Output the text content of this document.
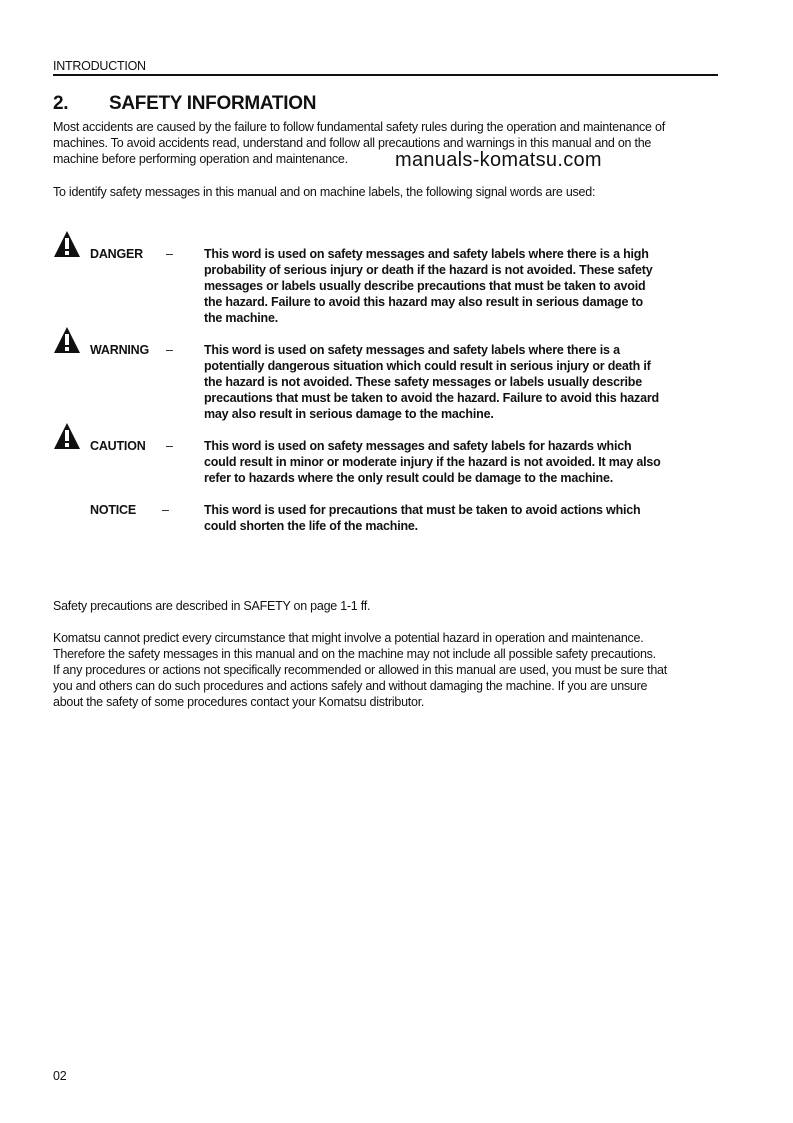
INTRODUCTION
2. SAFETY INFORMATION
Most accidents are caused by the failure to follow fundamental safety rules during the operation and maintenance of
machines. To avoid accidents read, understand and follow all precautions and warnings in this manual and on the
machine before performing operation and maintenance.	manuals-komatsu.com
To identify safety messages in this manual and on machine labels, the following signal words are used:
DANGER –	This word is used on safety messages and safety labels where there is a high
probability of serious injury or death if the hazard is not avoided. These safety
messages or labels usually describe precautions that must be taken to avoid
the hazard. Failure to avoid this hazard may also result in serious damage to
the machine.
WARNING –	This word is used on safety messages and safety labels where there is a
potentially dangerous situation which could result in serious injury or death if
the hazard is not avoided. These safety messages or labels usually describe
precautions that must be taken to avoid the hazard. Failure to avoid this hazard
may also result in serious damage to the machine.
CAUTION –	This word is used on safety messages and safety labels for hazards which
could result in minor or moderate injury if the hazard is not avoided. It may also
refer to hazards where the only result could be damage to the machine.
NOTICE –	This word is used for precautions that must be taken to avoid actions which
could shorten the life of the machine.
Safety precautions are described in SAFETY on page 1-1 ff.
Komatsu cannot predict every circumstance that might involve a potential hazard in operation and maintenance.
Therefore the safety messages in this manual and on the machine may not include all possible safety precautions.
If any procedures or actions not specifically recommended or allowed in this manual are used, you must be sure that
you and others can do such procedures and actions safely and without damaging the machine. If you are unsure
about the safety of some procedures contact your Komatsu distributor.
02
